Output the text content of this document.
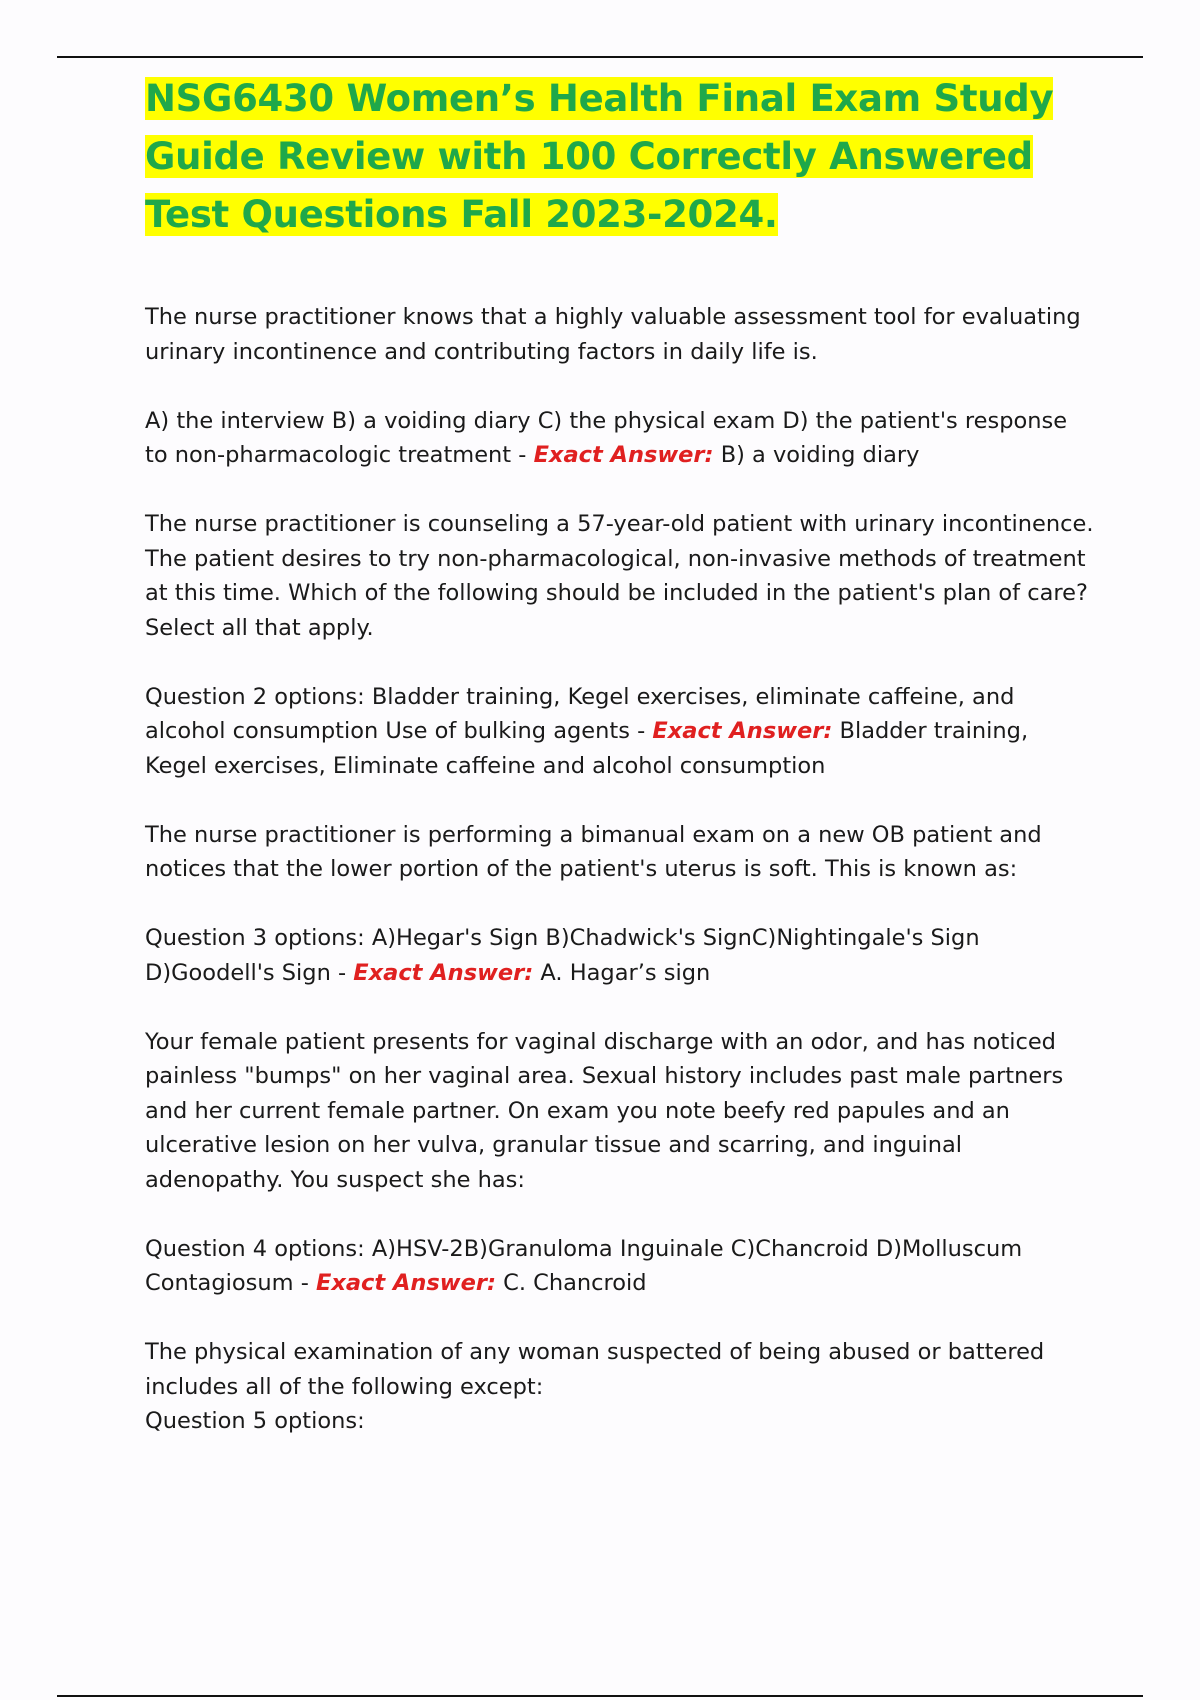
NSG6430 Women’s Health Final Exam Study Guide Review with 100 Correctly Answered Test Questions Fall 2023-2024.

The nurse practitioner knows that a highly valuable assessment tool for evaluating urinary incontinence and contributing factors in daily life is.

A) the interview B) a voiding diary C) the physical exam D) the patient's response to non-pharmacologic treatment - Exact Answer: B) a voiding diary

The nurse practitioner is counseling a 57-year-old patient with urinary incontinence. The patient desires to try non-pharmacological, non-invasive methods of treatment at this time. Which of the following should be included in the patient's plan of care? Select all that apply.

Question 2 options: Bladder training, Kegel exercises, eliminate caffeine, and alcohol consumption Use of bulking agents - Exact Answer: Bladder training, Kegel exercises, Eliminate caffeine and alcohol consumption

The nurse practitioner is performing a bimanual exam on a new OB patient and notices that the lower portion of the patient's uterus is soft. This is known as:

Question 3 options: A)Hegar's Sign B)Chadwick's SignC)Nightingale's Sign D)Goodell's Sign - Exact Answer: A. Hagar’s sign

Your female patient presents for vaginal discharge with an odor, and has noticed painless "bumps" on her vaginal area. Sexual history includes past male partners and her current female partner. On exam you note beefy red papules and an ulcerative lesion on her vulva, granular tissue and scarring, and inguinal adenopathy. You suspect she has:

Question 4 options: A)HSV-2B)Granuloma Inguinale C)Chancroid D)Molluscum Contagiosum - Exact Answer: C. Chancroid

The physical examination of any woman suspected of being abused or battered includes all of the following except:

Question 5 options:
